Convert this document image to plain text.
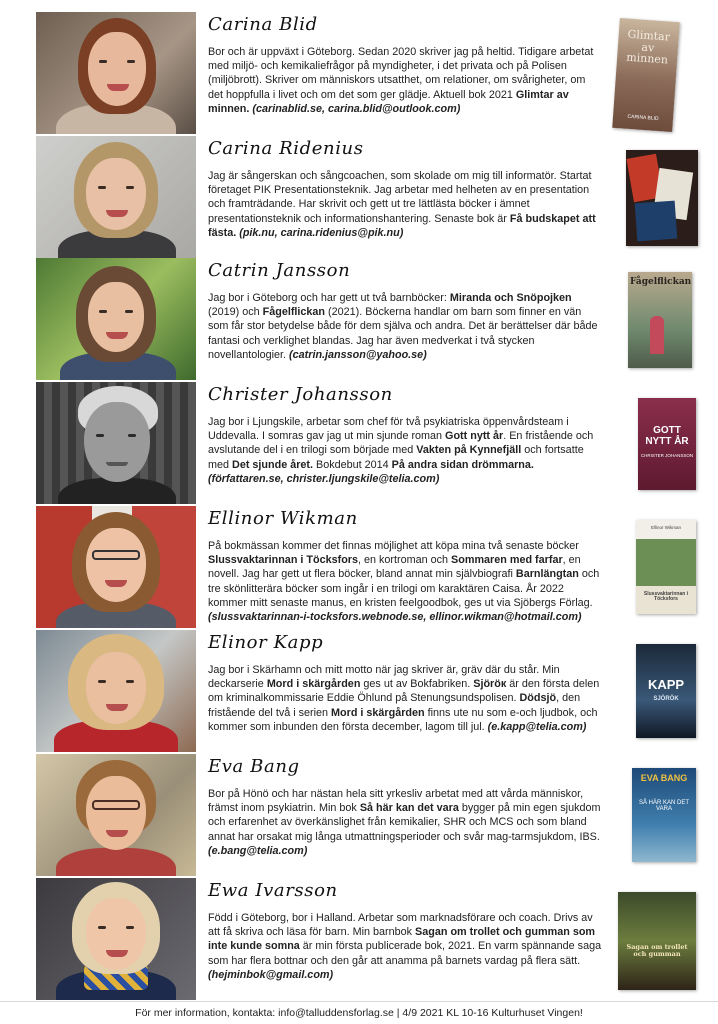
Carina Blid
Bor och är uppväxt i Göteborg. Sedan 2020 skriver jag på heltid. Tidigare arbetat med miljö- och kemikaliefrågor på myndigheter, i det privata och på Polisen (miljöbrott). Skriver om människors utsatthet, om relationer, om svårigheter, om det hoppfulla i livet och om det som ger glädje. Aktuell bok 2021 Glimtar av minnen. (carinablid.se, carina.blid@outlook.com)
Glimtar av minnen
CARINA BLID
Carina Ridenius
Jag är sångerskan och sångcoachen, som skolade om mig till informatör. Startat företaget PIK Presentationsteknik. Jag arbetar med helheten av en presentation och framträdande. Har skrivit och gett ut tre lättlästa böcker i ämnet presentationsteknik och informationshantering. Senaste bok är Få budskapet att fästa. (pik.nu, carina.ridenius@pik.nu)
Catrin Jansson
Jag bor i Göteborg och har gett ut två barnböcker: Miranda och Snöpojken (2019) och Fågelflickan (2021). Böckerna handlar om barn som finner en vän som får stor betydelse både för dem själva och andra. Det är berättelser där både fantasi och verklighet blandas. Jag har även medverkat i två stycken novellantologier. (catrin.jansson@yahoo.se)
Fågelflickan
Christer Johansson
Jag bor i Ljungskile, arbetar som chef för två psykiatriska öppenvårdsteam i Uddevalla. I somras gav jag ut min sjunde roman Gott nytt år. En fristående och avslutande del i en trilogi som började med Vakten på Kynnefjäll och fortsatte med Det sjunde året. Bokdebut 2014 På andra sidan drömmarna. (författaren.se, christer.ljungskile@telia.com)
GOTT NYTT ÅR
CHRISTER JOHANSSON
Ellinor Wikman
På bokmässan kommer det finnas möjlighet att köpa mina två senaste böcker Slussvaktarinnan i Töcksfors, en kortroman och Sommaren med farfar, en novell. Jag har gett ut flera böcker, bland annat min självbiografi Barnlängtan och tre skönlitterära böcker som ingår i en trilogi om karaktären Caisa. År 2022 kommer mitt senaste manus, en kristen feelgoodbok, ges ut via Sjöbergs Förlag. (slussvaktarinnan-i-tocksfors.webnode.se, ellinor.wikman@hotmail.com)
Ellinor Wikman
Slussvaktarinnan i Töcksfors
Elinor Kapp
Jag bor i Skärhamn och mitt motto när jag skriver är, gräv där du står. Min deckarserie Mord i skärgården ges ut av Bokfabriken. Sjöröк är den första delen om kriminalkommissarie Eddie Öhlund på Stenungsundspolisen. Dödsjö, den fristående del två i serien Mord i skärgården finns ute nu som e-och ljudbok, och kommer som inbunden den första december, lagom till jul. (e.kapp@telia.com)
KAPP
SJÖRÖK
Eva Bang
Bor på Hönö och har nästan hela sitt yrkesliv arbetat med att vårda människor, främst inom psykiatrin. Min bok Så här kan det vara bygger på min egen sjukdom och erfarenhet av överkänslighet från kemikalier, SHR och MCS och som bland annat har orsakat mig långa utmattningsperioder och svår mag-tarmsjukdom, IBS. (e.bang@telia.com)
EVA BANG
SÅ HÄR KAN DET VARA
Ewa Ivarsson
Född i Göteborg, bor i Halland. Arbetar som marknadsförare och coach. Drivs av att få skriva och läsa för barn. Min barnbok Sagan om trollet och gumman som inte kunde somna är min första publicerade bok, 2021. En varm spännande saga som har flera bottnar och den går att anamma på barnets vardag på flera sätt. (hejminbok@gmail.com)
Sagan om trollet och gumman
För mer information, kontakta: info@talluddensforlag.se | 4/9 2021 KL 10-16 Kulturhuset Vingen!
